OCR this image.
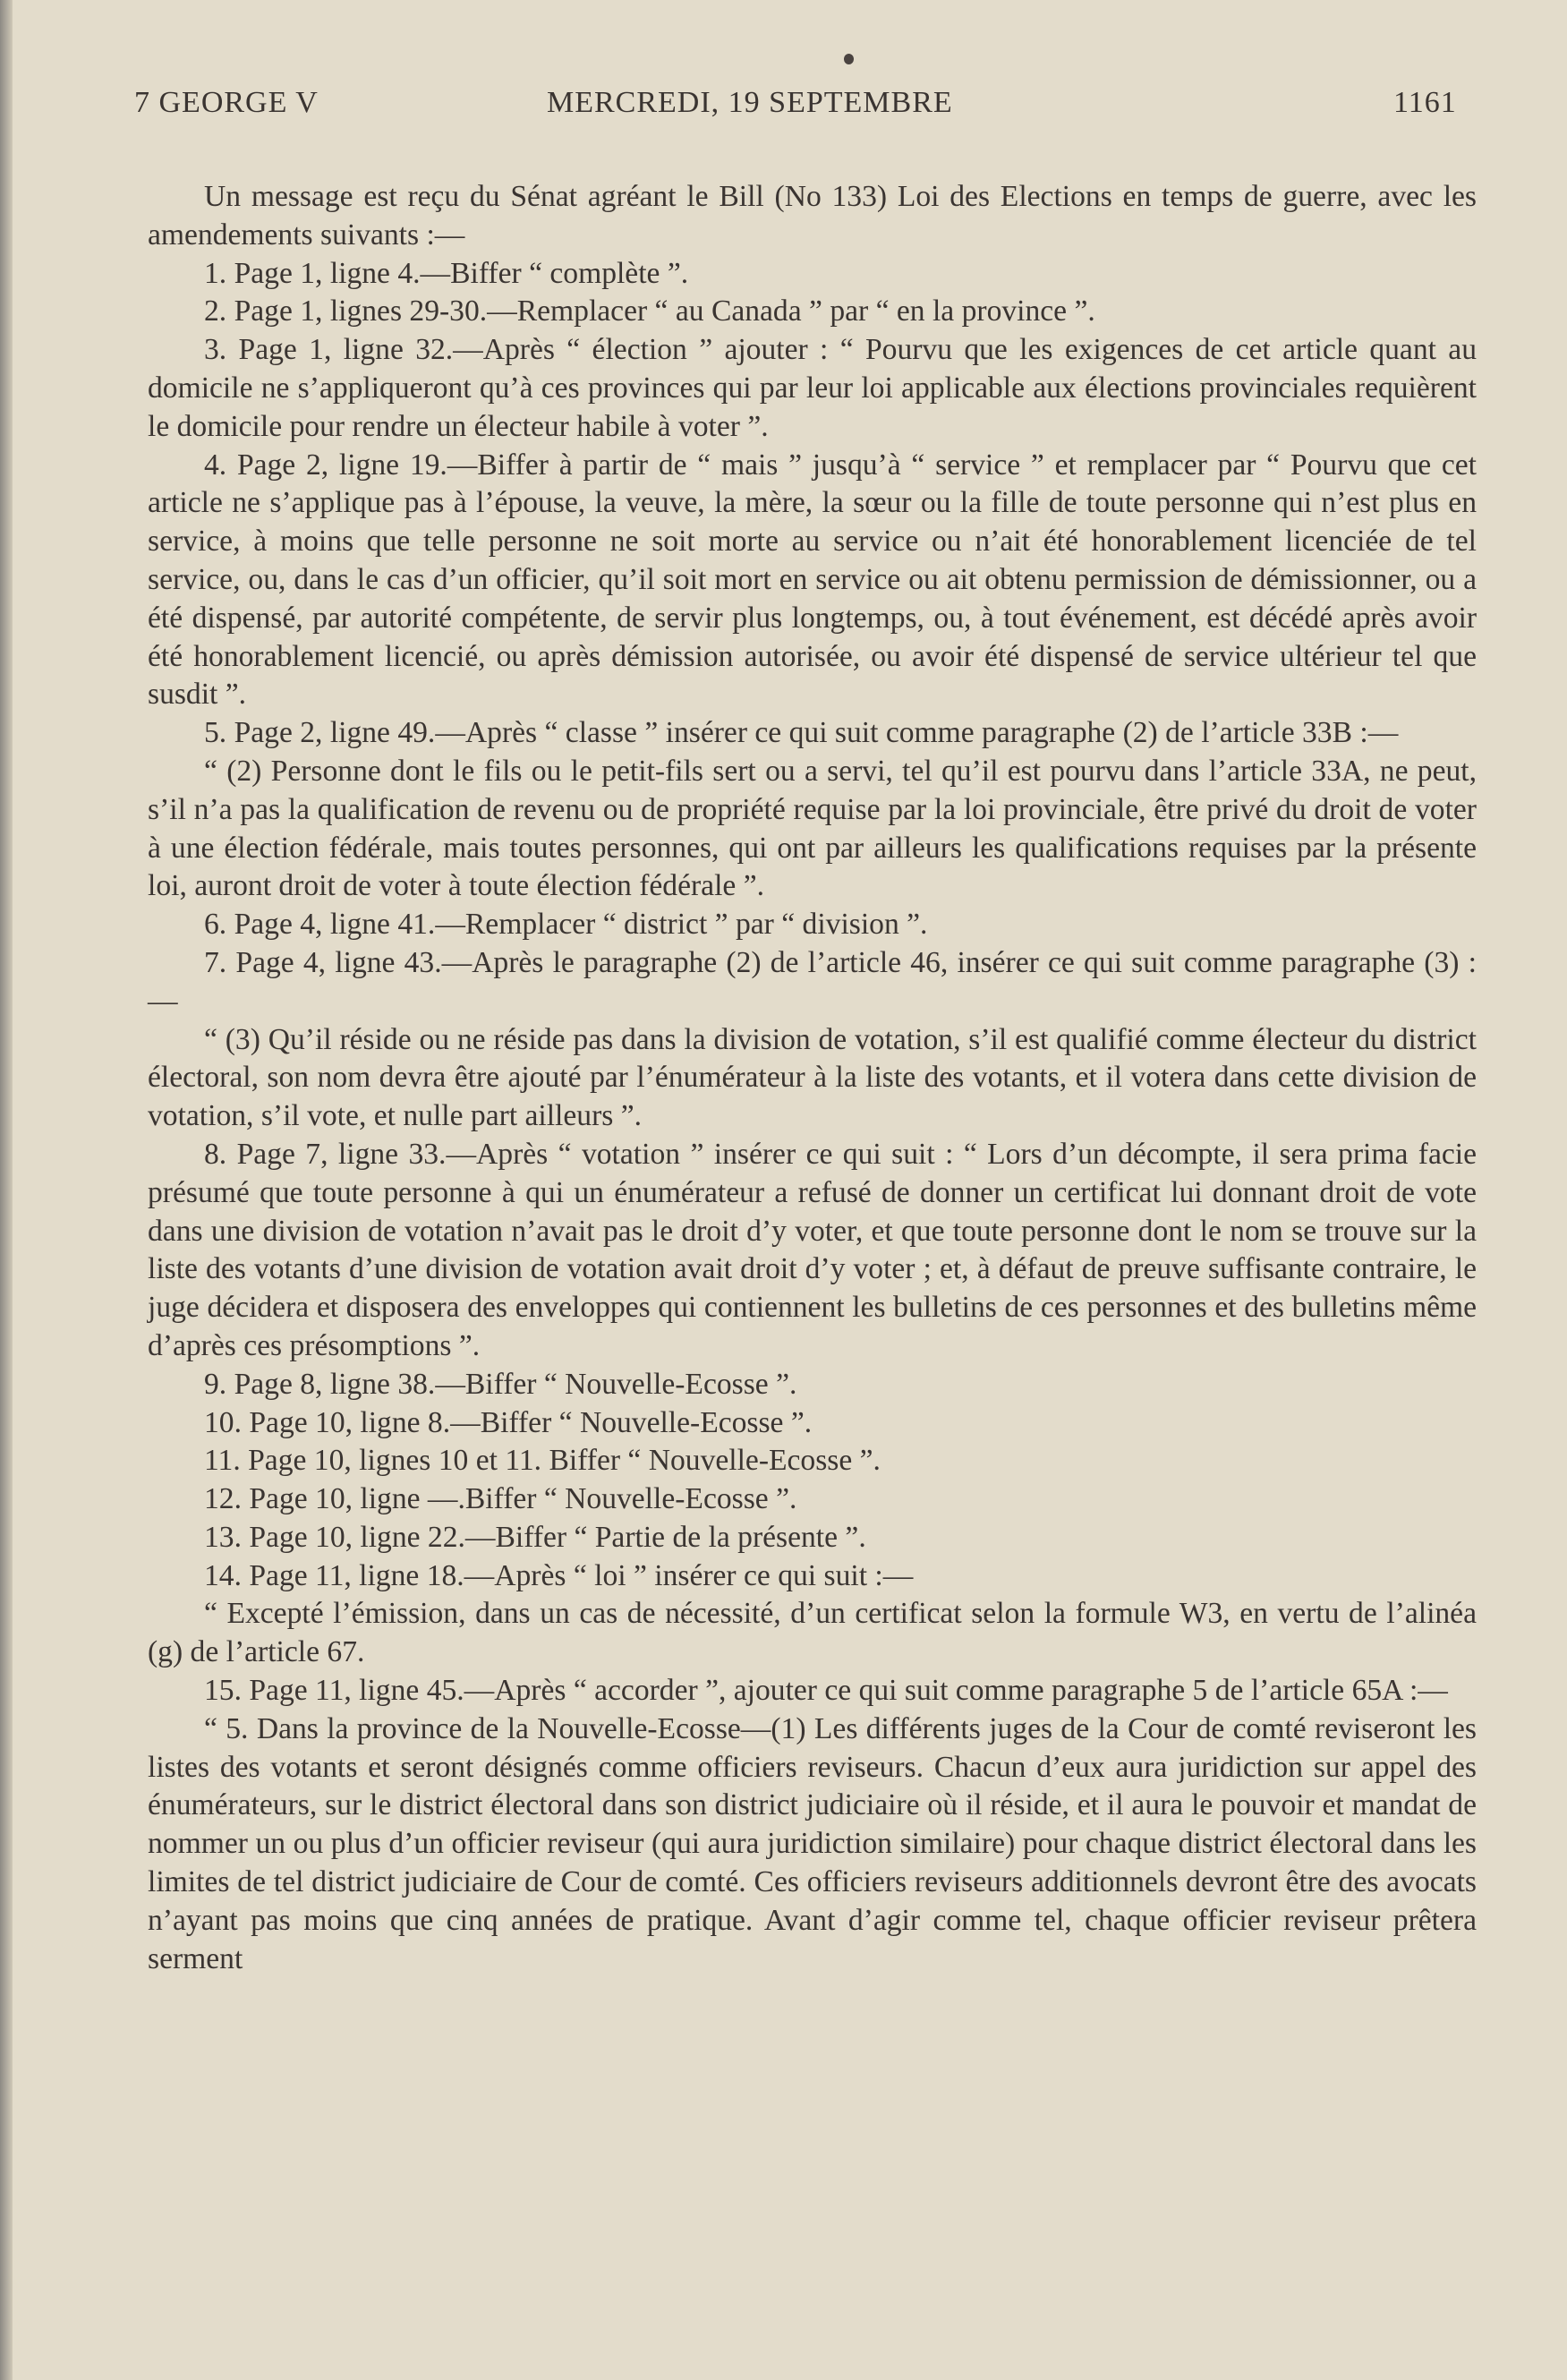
7 GEORGE V	MERCREDI, 19 SEPTEMBRE	1161

Un message est reçu du Sénat agréant le Bill (No 133) Loi des Elections en temps de guerre, avec les amendements suivants :—

1. Page 1, ligne 4.—Biffer “ complète ”.

2. Page 1, lignes 29-30.—Remplacer “ au Canada ” par “ en la province ”.

3. Page 1, ligne 32.—Après “ élection ” ajouter : “ Pourvu que les exigences de cet article quant au domicile ne s’appliqueront qu’à ces provinces qui par leur loi applicable aux élections provinciales requièrent le domicile pour rendre un électeur habile à voter ”.

4. Page 2, ligne 19.—Biffer à partir de “ mais ” jusqu’à “ service ” et remplacer par “ Pourvu que cet article ne s’applique pas à l’épouse, la veuve, la mère, la sœur ou la fille de toute personne qui n’est plus en service, à moins que telle personne ne soit morte au service ou n’ait été honorablement licenciée de tel service, ou, dans le cas d’un officier, qu’il soit mort en service ou ait obtenu permission de démissionner, ou a été dispensé, par autorité compétente, de servir plus longtemps, ou, à tout événement, est décédé après avoir été honorablement licencié, ou après démission autorisée, ou avoir été dispensé de service ultérieur tel que susdit ”.

5. Page 2, ligne 49.—Après “ classe ” insérer ce qui suit comme paragraphe (2) de l’article 33B :—

“ (2) Personne dont le fils ou le petit-fils sert ou a servi, tel qu’il est pourvu dans l’article 33A, ne peut, s’il n’a pas la qualification de revenu ou de propriété requise par la loi provinciale, être privé du droit de voter à une élection fédérale, mais toutes personnes, qui ont par ailleurs les qualifications requises par la présente loi, auront droit de voter à toute élection fédérale ”.

6. Page 4, ligne 41.—Remplacer “ district ” par “ division ”.

7. Page 4, ligne 43.—Après le paragraphe (2) de l’article 46, insérer ce qui suit comme paragraphe (3) :—

“ (3) Qu’il réside ou ne réside pas dans la division de votation, s’il est qualifié comme électeur du district électoral, son nom devra être ajouté par l’énumérateur à la liste des votants, et il votera dans cette division de votation, s’il vote, et nulle part ailleurs ”.

8. Page 7, ligne 33.—Après “ votation ” insérer ce qui suit : “ Lors d’un décompte, il sera prima facie présumé que toute personne à qui un énumérateur a refusé de donner un certificat lui donnant droit de vote dans une division de votation n’avait pas le droit d’y voter, et que toute personne dont le nom se trouve sur la liste des votants d’une division de votation avait droit d’y voter ; et, à défaut de preuve suffisante contraire, le juge décidera et disposera des enveloppes qui contiennent les bulletins de ces personnes et des bulletins même d’après ces présomptions ”.

9. Page 8, ligne 38.—Biffer “ Nouvelle-Ecosse ”.

10. Page 10, ligne 8.—Biffer “ Nouvelle-Ecosse ”.

11. Page 10, lignes 10 et 11. Biffer “ Nouvelle-Ecosse ”.

12. Page 10, ligne —.Biffer “ Nouvelle-Ecosse ”.

13. Page 10, ligne 22.—Biffer “ Partie de la présente ”.

14. Page 11, ligne 18.—Après “ loi ” insérer ce qui suit :—

“ Excepté l’émission, dans un cas de nécessité, d’un certificat selon la formule W3, en vertu de l’alinéa (g) de l’article 67.

15. Page 11, ligne 45.—Après “ accorder ”, ajouter ce qui suit comme paragraphe 5 de l’article 65A :—

“ 5. Dans la province de la Nouvelle-Ecosse—(1) Les différents juges de la Cour de comté reviseront les listes des votants et seront désignés comme officiers reviseurs. Chacun d’eux aura juridiction sur appel des énumérateurs, sur le district électoral dans son district judiciaire où il réside, et il aura le pouvoir et mandat de nommer un ou plus d’un officier reviseur (qui aura juridiction similaire) pour chaque district électoral dans les limites de tel district judiciaire de Cour de comté. Ces officiers reviseurs additionnels devront être des avocats n’ayant pas moins que cinq années de pratique. Avant d’agir comme tel, chaque officier reviseur prêtera serment
